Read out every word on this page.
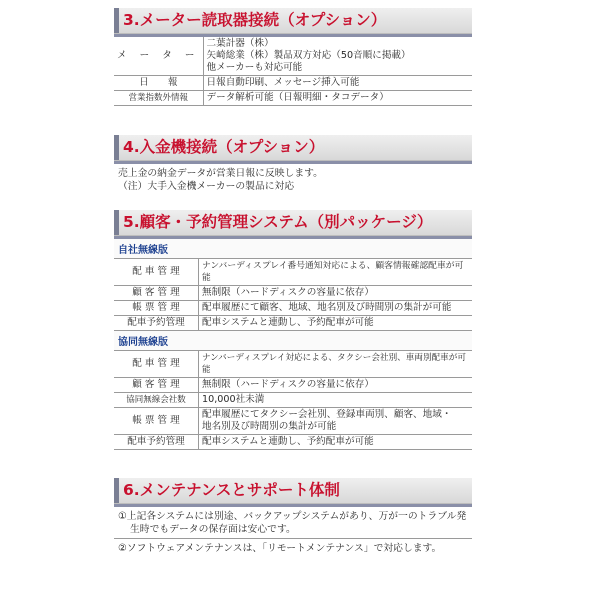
3.メーター読取器接続（オプション）
メ ー タ ー	二葉計器（株）
矢崎総業（株）製品双方対応（50音順に掲載）
他メーカーも対応可能

日　　報	日報自動印刷、メッセージ挿入可能
営業指数外情報	データ解析可能（日報明細・タコデータ）
4.入金機接続（オプション）
売上金の納金データが営業日報に反映します。
（注）大手入金機メーカーの製品に対応
5.顧客・予約管理システム（別パッケージ）
自社無線版
配 車 管 理	ナンバーディスプレイ番号通知対応による、顧客情報確認配車が可能
顧 客 管 理	無制限（ハードディスクの容量に依存）
帳 票 管 理	配車履歴にて顧客、地域、地名別及び時間別の集計が可能
配車予約管理	配車システムと連動し、予約配車が可能
協同無線版
配 車 管 理	ナンバーディスプレイ対応による、タクシー会社別、車両別配車が可能
顧 客 管 理	無制限（ハードディスクの容量に依存）
協同無線会社数	10,000社未満
帳 票 管 理	配車履歴にてタクシー会社別、登録車両別、顧客、地域・
地名別及び時間別の集計が可能

配車予約管理	配車システムと連動し、予約配車が可能
6.メンテナンスとサポート体制
①上記各システムには別途、バックアップシステムがあり、万が一のトラブル発生時でもデータの保存面は安心です。
②ソフトウェアメンテナンスは、「リモートメンテナンス」で対応します。
